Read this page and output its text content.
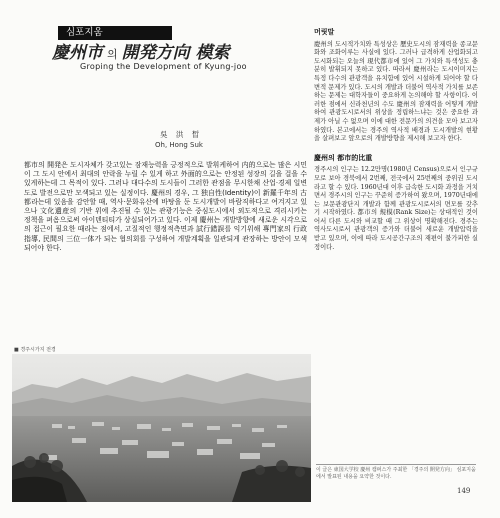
심포지움
慶州市 의 開発方向 模索
Groping the Development of Kyung-joo
吳 洪 晳
Oh, Hong Suk

都市의 開発은 도시자체가 갖고있는 잠재능력을 긍정적으로 발휘케하여 内的으로는 많은 시민이 그 도시 안에서 최대의 안락을 누릴 수 있게 하고 外面的으로는 안정된 성장의 길을 걸을 수 있게하는데 그 목적이 있다. 그러나 대다수의 도시들이 그러한 관점을 무시한채 산업·경제 일변도로 발전으로만 모색되고 있는 실정이다. 慶州의 경우, 그 独自性(Identity)이 新羅千年의 古都라는데 있음을 감안할 때, 역사·문화유산에 바탕을 둔 도시개발이 바람직하다고 여겨지고 있으나 文化遺産의 기반 위에 추진될 수 있는 관광기능은 중심도시에서 외도적으로 격리시키는 정책을 펴옴으로써 아이덴티티가 상실되어가고 있다. 이제 慶州는 개발방향에 새로운 시각으로의 접근이 필요한 때라는 점에서, 고질적인 행정적측면과 試行錯誤를 익기위해 專門家의 行政指導, 民間의 三位一体가 되는 협의회를 구성하여 개발계획을 일관되게 관장하는 방안이 모색되어야 한다.

■ 경주시가지 전경
머릿말

慶州의 도시적가치와 특성상은 歷史도시의 잠재력을 종교문화와 조화이루는 사실에 있다. 그러나 급격하게 산업화되고 도시화되는 오늘의 現代都市에 있어 그 가치와 특색성도 충분히 발휘되지 못하고 있다. 따라서 慶州라는 도시이미지는 특정 다수의 관광객을 유치함에 있어 시설하게 되어야 할 다변적 문제가 있다. 도시의 개발과 더불어 역사적 가치를 보존하는 문제는 대학자들이 중요하게 논의해야 할 사항이다. 이러한 점에서 신라천년의 수도 慶州의 잠재력을 어떻게 개발하여 관광도시로서의 위상을 정립하느냐는 것은 중요한 과제가 아닐 수 없으며 이에 대한 전문가의 의견을 모아 보고자 하였다. 본고에서는 경주의 역사적 배경과 도시개발의 현황을 살펴보고 앞으로의 개발방향을 제시해 보고자 한다.

慶州의 都市的比重

경주시의 인구는 12.2만명(1980년 Census)으로서 인구규모로 보아 경북에서 2번째, 전국에서 25번째의 중위권 도시라고 할 수 있다. 1960년대 이후 급속한 도시화 과정을 거치면서 경주시의 인구는 꾸준히 증가하여 왔으며, 1970년대에는 보문관광단지 개발과 함께 관광도시로서의 면모를 갖추기 시작하였다. 都市의 規模(Rank Size)는 상대적인 것이어서 다른 도시와 비교할 때 그 위상이 명확해진다. 경주는 역사도시로서 관광객의 증가와 더불어 새로운 개발압력을 받고 있으며, 이에 따라 도시공간구조의 재편이 불가피한 실정이다.

이 글은 東国大学校 慶州 캠퍼스가 주최한 「경주의 開発方向」 심포지움에서 발표된 내용을 요약한 것이다.
149
